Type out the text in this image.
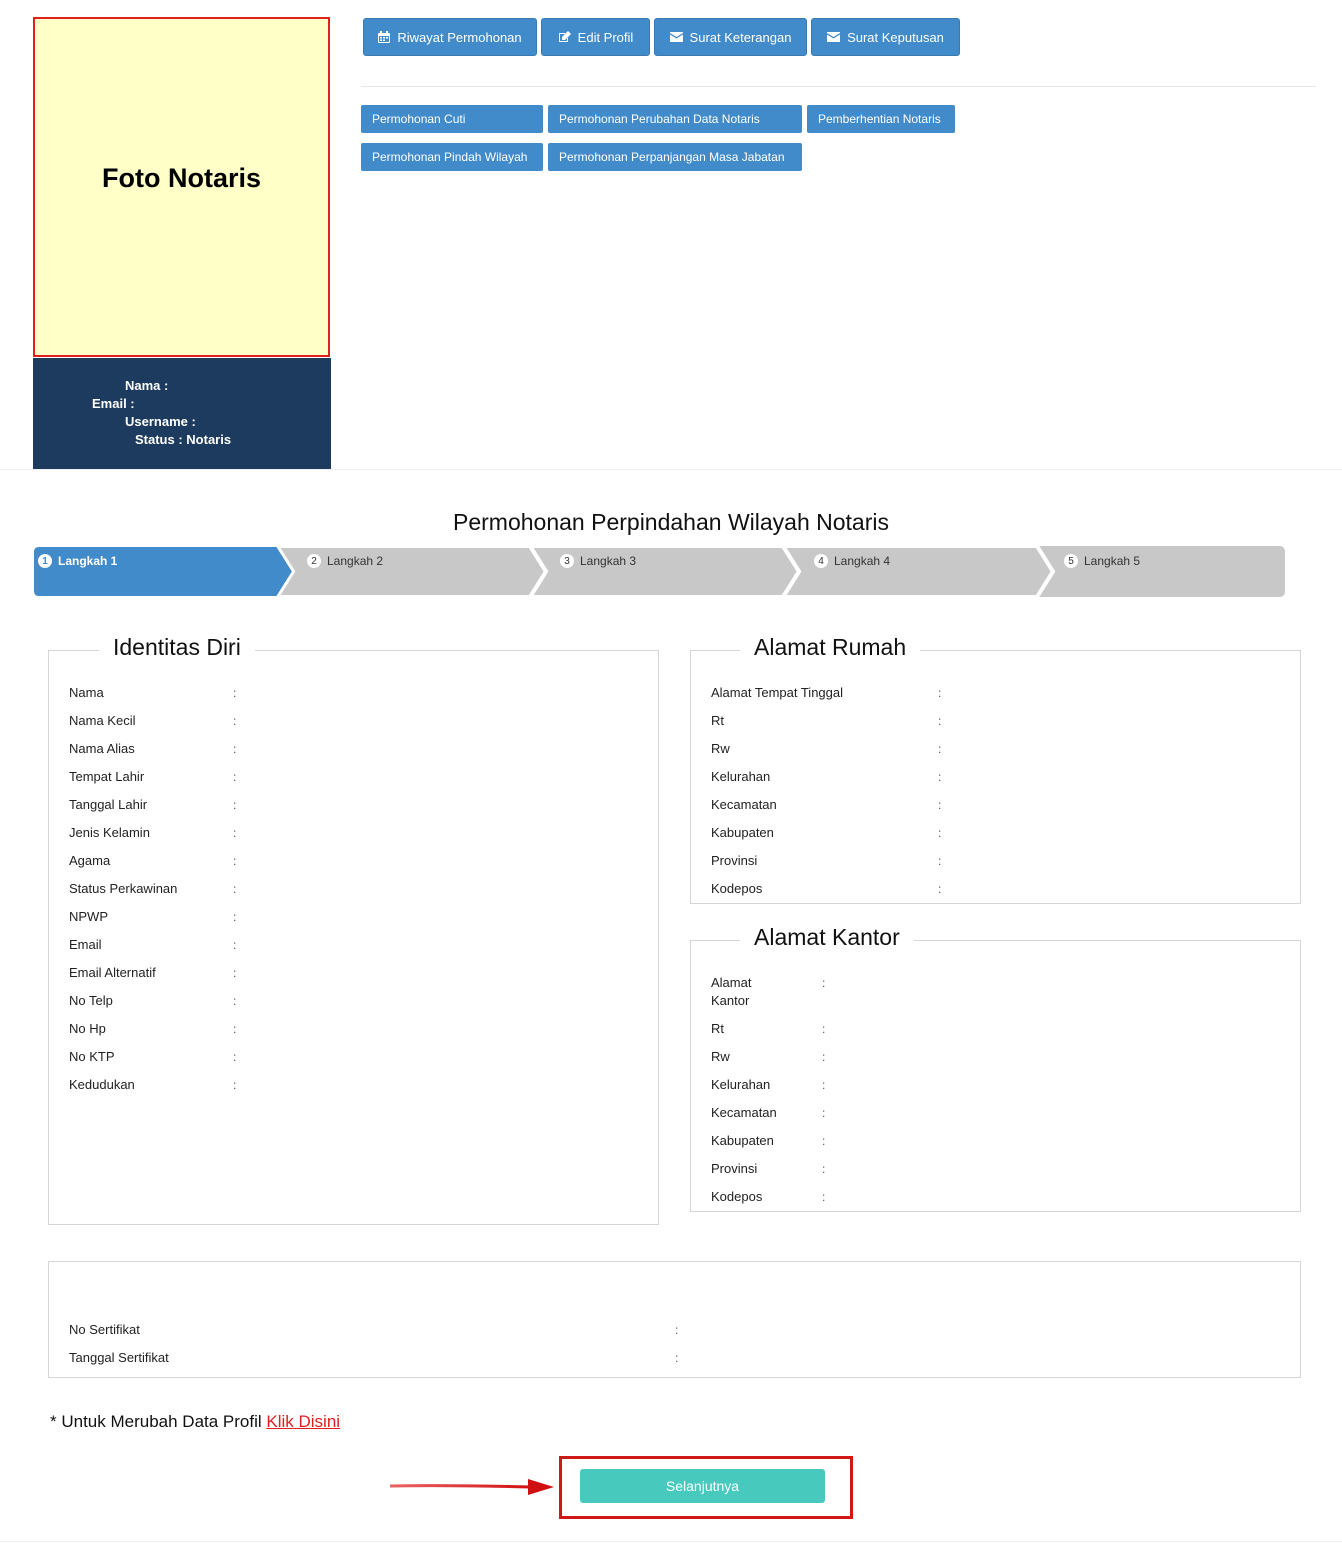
Foto Notaris
Nama :
Email :
Username :
Status : Notaris
Riwayat Permohonan	Edit Profil	Surat Keterangan	Surat Keputusan
Permohonan Cuti	Permohonan Perubahan Data Notaris	Pemberhentian Notaris
Permohonan Pindah Wilayah	Permohonan Perpanjangan Masa Jabatan
Permohonan Perpindahan Wilayah Notaris
1 Langkah 1	2 Langkah 2	3 Langkah 3	4 Langkah 4	5 Langkah 5
Identitas Diri
Nama	:
Nama Kecil	:
Nama Alias	:
Tempat Lahir	:
Tanggal Lahir	:
Jenis Kelamin	:
Agama	:
Status Perkawinan	:
NPWP	:
Email	:
Email Alternatif	:
No Telp	:
No Hp	:
No KTP	:
Kedudukan	:
Alamat Rumah
Alamat Tempat Tinggal	:
Rt	:
Rw	:
Kelurahan	:
Kecamatan	:
Kabupaten	:
Provinsi	:
Kodepos	:
Alamat Kantor
Alamat
Kantor
:
Rt	:
Rw	:
Kelurahan	:
Kecamatan	:
Kabupaten	:
Provinsi	:
Kodepos	:
No Sertifikat	:
Tanggal Sertifikat	:
* Untuk Merubah Data Profil Klik Disini
Selanjutnya
